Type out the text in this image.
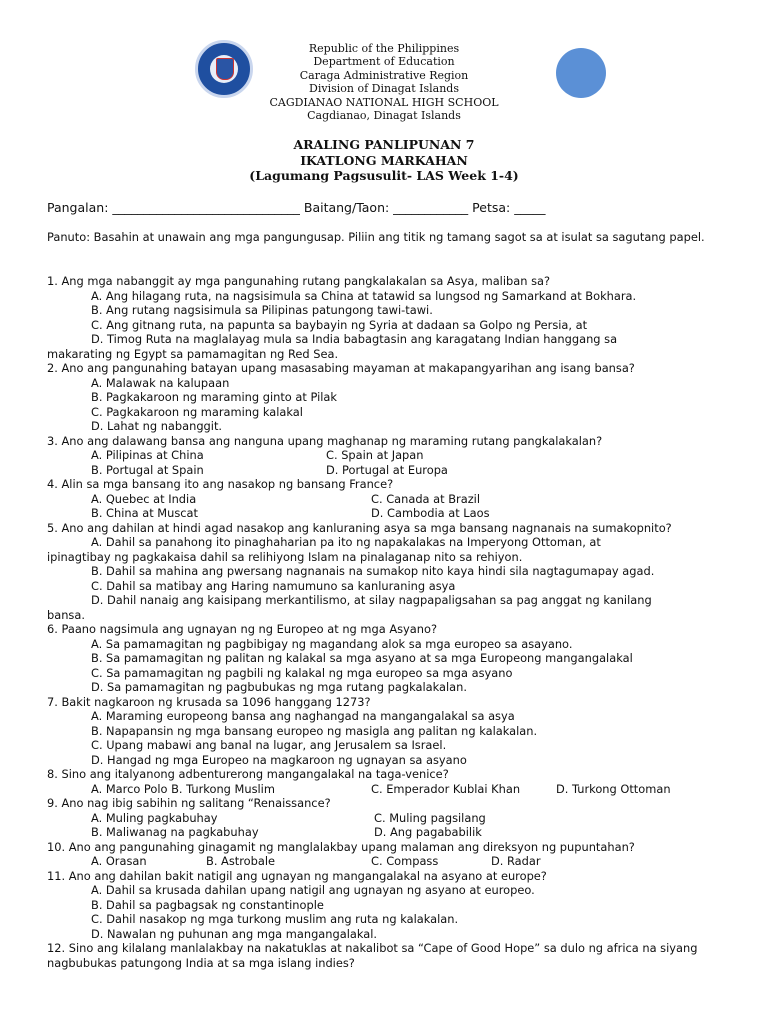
Republic of the Philippines
Department of Education
Caraga Administrative Region
Division of Dinagat Islands
CAGDIANAO NATIONAL HIGH SCHOOL
Cagdianao, Dinagat Islands
ARALING PANLIPUNAN 7
IKATLONG MARKAHAN
(Lagumang Pagsusulit- LAS Week 1-4)
Pangalan: ______________________________ Baitang/Taon: ____________ Petsa: _____
Panuto: Basahin at unawain ang mga pangungusap. Piliin ang titik ng tamang sagot sa at isulat sa sagutang papel.

1. Ang mga nabanggit ay mga pangunahing rutang pangkalakalan sa Asya, maliban sa?

A. Ang hilagang ruta, na nagsisimula sa China at tatawid sa lungsod ng Samarkand at Bokhara.

B. Ang rutang nagsisimula sa Pilipinas patungong tawi-tawi.

C. Ang gitnang ruta, na papunta sa baybayin ng Syria at dadaan sa Golpo ng Persia, at

D. Timog Ruta na maglalayag mula sa India babagtasin ang karagatang Indian hanggang sa

makarating ng Egypt sa pamamagitan ng Red Sea.

2. Ano ang pangunahing batayan upang masasabing mayaman at makapangyarihan ang isang bansa?

A. Malawak na kalupaan

B. Pagkakaroon ng maraming ginto at Pilak

C. Pagkakaroon ng maraming kalakal

D. Lahat ng nabanggit.

3. Ano ang dalawang bansa ang nanguna upang maghanap ng maraming rutang pangkalakalan?

A. Pilipinas at China	C. Spain at Japan
B. Portugal at Spain	D. Portugal at Europa

4. Alin sa mga bansang ito ang nasakop ng bansang France?

A. Quebec at India	C. Canada at Brazil
B. China at Muscat	D. Cambodia at Laos

5. Ano ang dahilan at hindi agad nasakop ang kanluraning asya sa mga bansang nagnanais na sumakopnito?

A. Dahil sa panahong ito pinaghaharian pa ito ng napakalakas na Imperyong Ottoman, at

ipinagtibay ng pagkakaisa dahil sa relihiyong Islam na pinalaganap nito sa rehiyon.

B. Dahil sa mahina ang pwersang nagnanais na sumakop nito kaya hindi sila nagtagumapay agad.

C. Dahil sa matibay ang Haring namumuno sa kanluraning asya

D. Dahil nanaig ang kaisipang merkantilismo, at silay nagpapaligsahan sa pag anggat ng kanilang

bansa.

6. Paano nagsimula ang ugnayan ng ng Europeo at ng mga Asyano?

A. Sa pamamagitan ng pagbibigay ng magandang alok sa mga europeo sa asayano.

B. Sa pamamagitan ng palitan ng kalakal sa mga asyano at sa mga Europeong mangangalakal

C. Sa pamamagitan ng pagbili ng kalakal ng mga europeo sa mga asyano

D. Sa pamamagitan ng pagbubukas ng mga rutang pagkalakalan.

7. Bakit nagkaroon ng krusada sa 1096 hanggang 1273?

A. Maraming europeong bansa ang naghangad na mangangalakal sa asya

B. Napapansin ng mga bansang europeo ng masigla ang palitan ng kalakalan.

C. Upang mabawi ang banal na lugar, ang Jerusalem sa Israel.

D. Hangad ng mga Europeo na magkaroon ng ugnayan sa asyano

8. Sino ang italyanong adbenturerong mangangalakal na taga-venice?

A. Marco Polo B. Turkong Muslim	C. Emperador Kublai Khan	D. Turkong Ottoman

9. Ano nag ibig sabihin ng salitang “Renaissance?

A. Muling pagkabuhay	C. Muling pagsilang
B. Maliwanag na pagkabuhay	D. Ang pagababilik

10. Ano ang pangunahing ginagamit ng manglalakbay upang malaman ang direksyon ng pupuntahan?

A. Orasan	B. Astrobale	C. Compass	D. Radar

11. Ano ang dahilan bakit natigil ang ugnayan ng mangangalakal na asyano at europe?

A. Dahil sa krusada dahilan upang natigil ang ugnayan ng asyano at europeo.

B. Dahil sa pagbagsak ng constantinople

C. Dahil nasakop ng mga turkong muslim ang ruta ng kalakalan.

D. Nawalan ng puhunan ang mga mangangalakal.

12. Sino ang kilalang manlalakbay na nakatuklas at nakalibot sa “Cape of Good Hope” sa dulo ng africa na siyang nagbubukas patungong India at sa mga islang indies?
